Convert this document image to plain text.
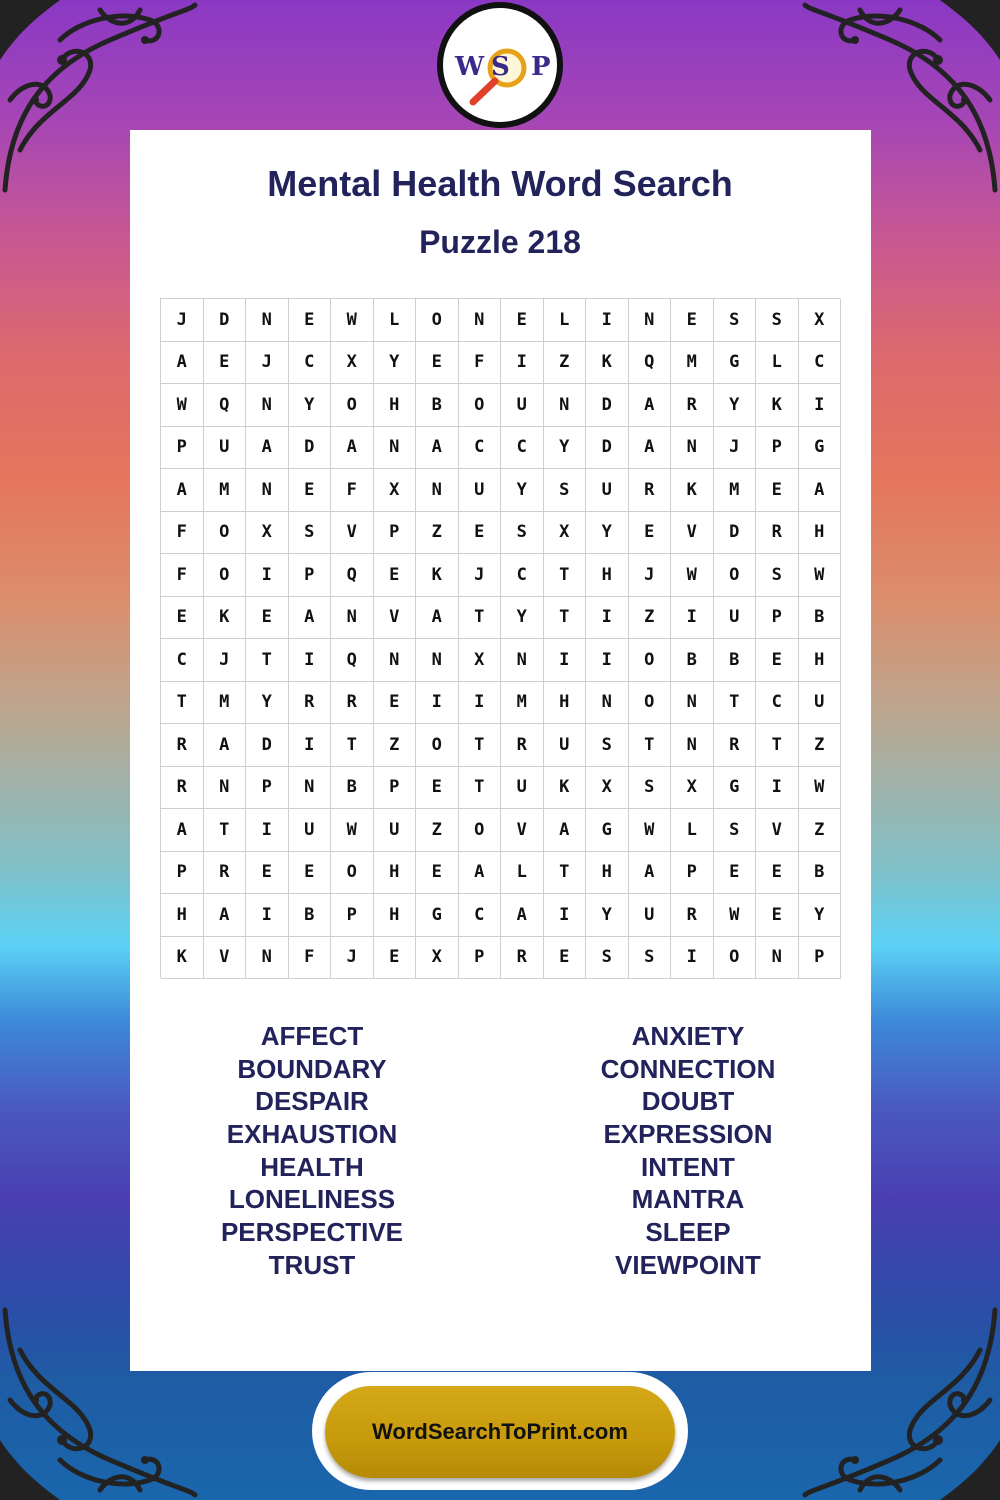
W S P
Mental Health Word Search
Puzzle 218
J	D	N	E	W	L	O	N	E	L	I	N	E	S	S	X
A	E	J	C	X	Y	E	F	I	Z	K	Q	M	G	L	C
W	Q	N	Y	O	H	B	O	U	N	D	A	R	Y	K	I
P	U	A	D	A	N	A	C	C	Y	D	A	N	J	P	G
A	M	N	E	F	X	N	U	Y	S	U	R	K	M	E	A
F	O	X	S	V	P	Z	E	S	X	Y	E	V	D	R	H
F	O	I	P	Q	E	K	J	C	T	H	J	W	O	S	W
E	K	E	A	N	V	A	T	Y	T	I	Z	I	U	P	B
C	J	T	I	Q	N	N	X	N	I	I	O	B	B	E	H
T	M	Y	R	R	E	I	I	M	H	N	O	N	T	C	U
R	A	D	I	T	Z	O	T	R	U	S	T	N	R	T	Z
R	N	P	N	B	P	E	T	U	K	X	S	X	G	I	W
A	T	I	U	W	U	Z	O	V	A	G	W	L	S	V	Z
P	R	E	E	O	H	E	A	L	T	H	A	P	E	E	B
H	A	I	B	P	H	G	C	A	I	Y	U	R	W	E	Y
K	V	N	F	J	E	X	P	R	E	S	S	I	O	N	P
AFFECT
BOUNDARY
DESPAIR
EXHAUSTION
HEALTH
LONELINESS
PERSPECTIVE
TRUST
ANXIETY
CONNECTION
DOUBT
EXPRESSION
INTENT
MANTRA
SLEEP
VIEWPOINT
WordSearchToPrint.com
